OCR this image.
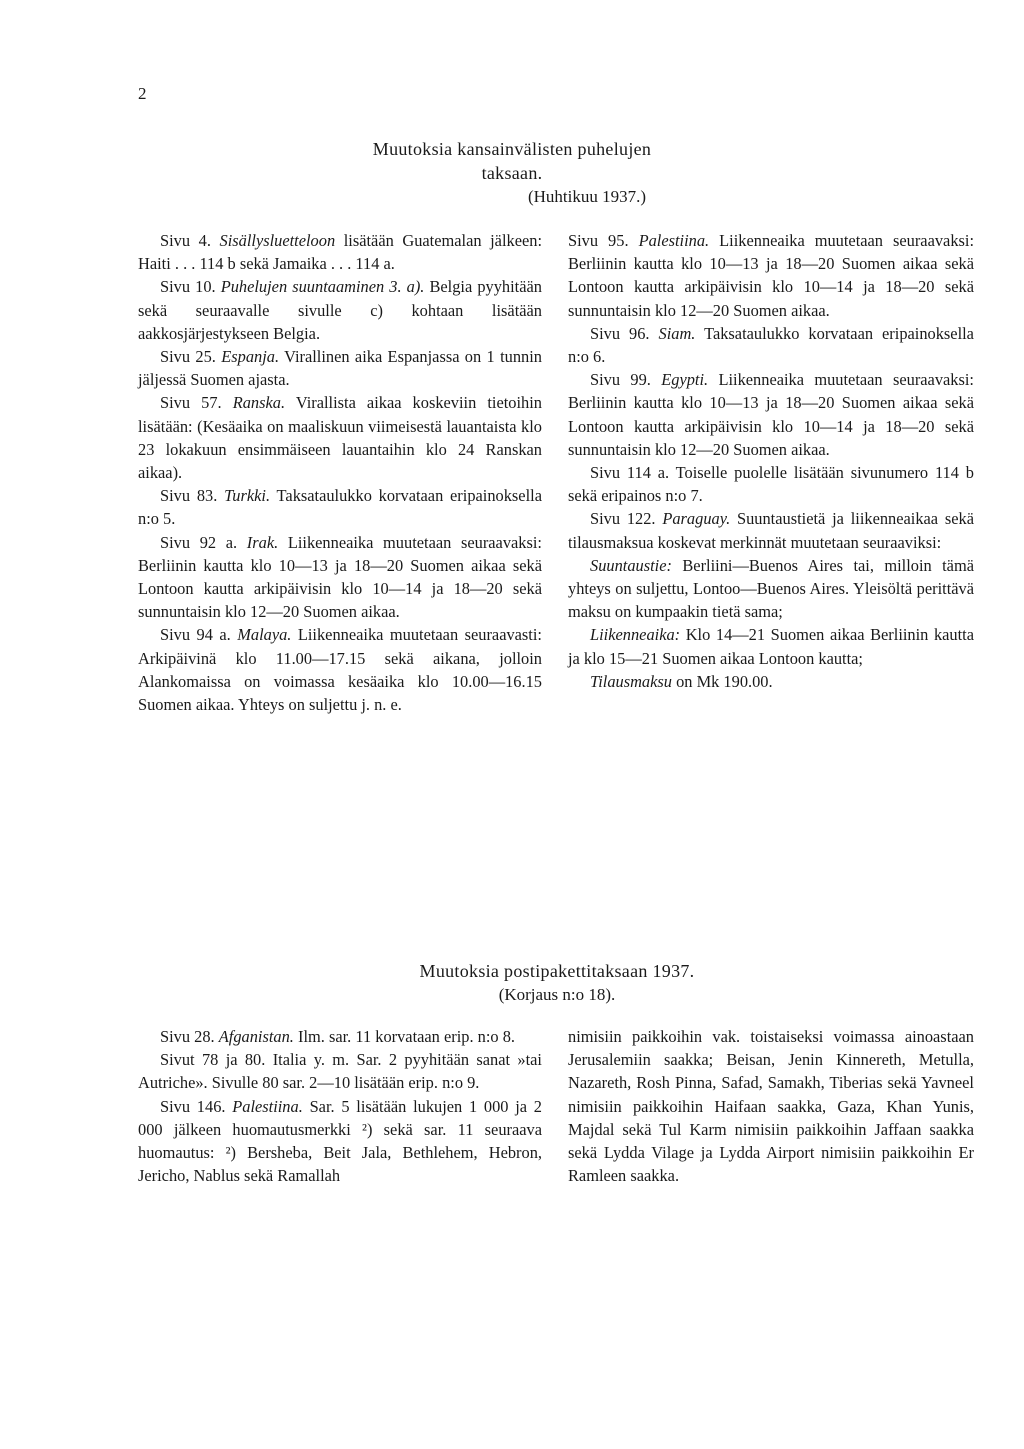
2
Muutoksia kansainvälisten puhelujen
taksaan.
(Huhtikuu 1937.)

Sivu 4. Sisällysluetteloon lisätään Guatemalan jälkeen: Haiti . . . 114 b sekä Jamaika . . . 114 a.

Sivu 10. Puhelujen suuntaaminen 3. a). Belgia pyyhitään sekä seuraavalle sivulle c) kohtaan lisätään aakkosjärjestykseen Belgia.

Sivu 25. Espanja. Virallinen aika Espanjassa on 1 tunnin jäljessä Suomen ajasta.

Sivu 57. Ranska. Virallista aikaa koskeviin tietoihin lisätään: (Kesäaika on maaliskuun viimeisestä lauantaista klo 23 lokakuun ensimmäiseen lauantaihin klo 24 Ranskan aikaa).

Sivu 83. Turkki. Taksataulukko korvataan eripainoksella n:o 5.

Sivu 92 a. Irak. Liikenneaika muutetaan seuraavaksi: Berliinin kautta klo 10—13 ja 18—20 Suomen aikaa sekä Lontoon kautta arkipäivisin klo 10—14 ja 18—20 sekä sunnuntaisin klo 12—20 Suomen aikaa.

Sivu 94 a. Malaya. Liikenneaika muutetaan seuraavasti: Arkipäivinä klo 11.00—17.15 sekä aikana, jolloin Alankomaissa on voimassa kesäaika klo 10.00—16.15 Suomen aikaa. Yhteys on suljettu j. n. e.

Sivu 95. Palestiina. Liikenneaika muutetaan seuraavaksi: Berliinin kautta klo 10—13 ja 18—20 Suomen aikaa sekä Lontoon kautta arkipäivisin klo 10—14 ja 18—20 sekä sunnuntaisin klo 12—20 Suomen aikaa.

Sivu 96. Siam. Taksataulukko korvataan eripainoksella n:o 6.

Sivu 99. Egypti. Liikenneaika muutetaan seuraavaksi: Berliinin kautta klo 10—13 ja 18—20 Suomen aikaa sekä Lontoon kautta arkipäivisin klo 10—14 ja 18—20 sekä sunnuntaisin klo 12—20 Suomen aikaa.

Sivu 114 a. Toiselle puolelle lisätään sivunumero 114 b sekä eripainos n:o 7.

Sivu 122. Paraguay. Suuntaustietä ja liikenneaikaa sekä tilausmaksua koskevat merkinnät muutetaan seuraaviksi:

Suuntaustie: Berliini—Buenos Aires tai, milloin tämä yhteys on suljettu, Lontoo—Buenos Aires. Yleisöltä perittävä maksu on kumpaakin tietä sama;

Liikenneaika: Klo 14—21 Suomen aikaa Berliinin kautta ja klo 15—21 Suomen aikaa Lontoon kautta;

Tilausmaksu on Mk 190.00.

Muutoksia postipakettitaksaan 1937.
(Korjaus n:o 18).

Sivu 28. Afganistan. Ilm. sar. 11 korvataan erip. n:o 8.

Sivut 78 ja 80. Italia y. m. Sar. 2 pyyhitään sanat »tai Autriche». Sivulle 80 sar. 2—10 lisätään erip. n:o 9.

Sivu 146. Palestiina. Sar. 5 lisätään lukujen 1 000 ja 2 000 jälkeen huomautusmerkki ²) sekä sar. 11 seuraava huomautus: ²) Bersheba, Beit Jala, Bethlehem, Hebron, Jericho, Nablus sekä Ramallah

nimisiin paikkoihin vak. toistaiseksi voimassa ainoastaan Jerusalemiin saakka; Beisan, Jenin Kinnereth, Metulla, Nazareth, Rosh Pinna, Safad, Samakh, Tiberias sekä Yavneel nimisiin paikkoihin Haifaan saakka, Gaza, Khan Yunis, Majdal sekä Tul Karm nimisiin paikkoihin Jaffaan saakka sekä Lydda Vilage ja Lydda Airport nimisiin paikkoihin Er Ramleen saakka.
